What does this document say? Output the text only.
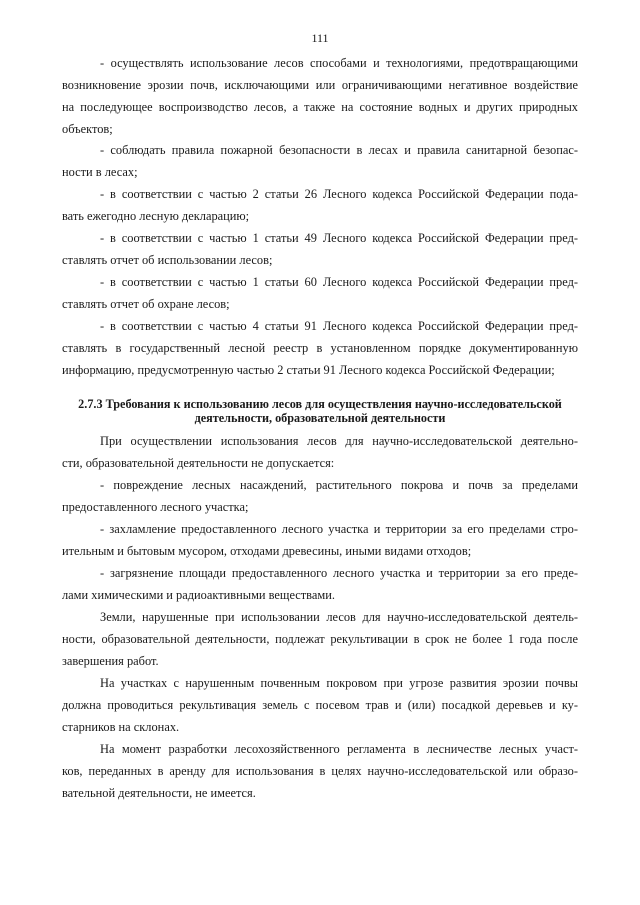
111
- осуществлять использование лесов способами и технологиями, предотвращающими
возникновение эрозии почв, исключающими или ограничивающими негативное воздействие
на последующее воспроизводство лесов, а также на состояние водных и других природных
объектов;
- соблюдать правила пожарной безопасности в лесах и правила санитарной безопас-
ности в лесах;
- в соответствии с частью 2 статьи 26 Лесного кодекса Российской Федерации пода-
вать ежегодно лесную декларацию;
- в соответствии с частью 1 статьи 49 Лесного кодекса Российской Федерации пред-
ставлять отчет об использовании лесов;
- в соответствии с частью 1 статьи 60 Лесного кодекса Российской Федерации пред-
ставлять отчет об охране лесов;
- в соответствии с частью 4 статьи 91 Лесного кодекса Российской Федерации пред-
ставлять в государственный лесной реестр в установленном порядке документированную
информацию, предусмотренную частью 2 статьи 91 Лесного кодекса Российской Федерации;
2.7.3 Требования к использованию лесов для осуществления научно-исследовательской
деятельности, образовательной деятельности
При осуществлении использования лесов для научно-исследовательской деятельно-
сти, образовательной деятельности не допускается:
- повреждение лесных насаждений, растительного покрова и почв за пределами
предоставленного лесного участка;
- захламление предоставленного лесного участка и территории за его пределами стро-
ительным и бытовым мусором, отходами древесины, иными видами отходов;
- загрязнение площади предоставленного лесного участка и территории за его преде-
лами химическими и радиоактивными веществами.
Земли, нарушенные при использовании лесов для научно-исследовательской деятель-
ности, образовательной деятельности, подлежат рекультивации в срок не более 1 года после
завершения работ.
На участках с нарушенным почвенным покровом при угрозе развития эрозии почвы
должна проводиться рекультивация земель с посевом трав и (или) посадкой деревьев и ку-
старников на склонах.
На момент разработки лесохозяйственного регламента в лесничестве лесных участ-
ков, переданных в аренду для использования в целях научно-исследовательской или образо-
вательной деятельности, не имеется.
